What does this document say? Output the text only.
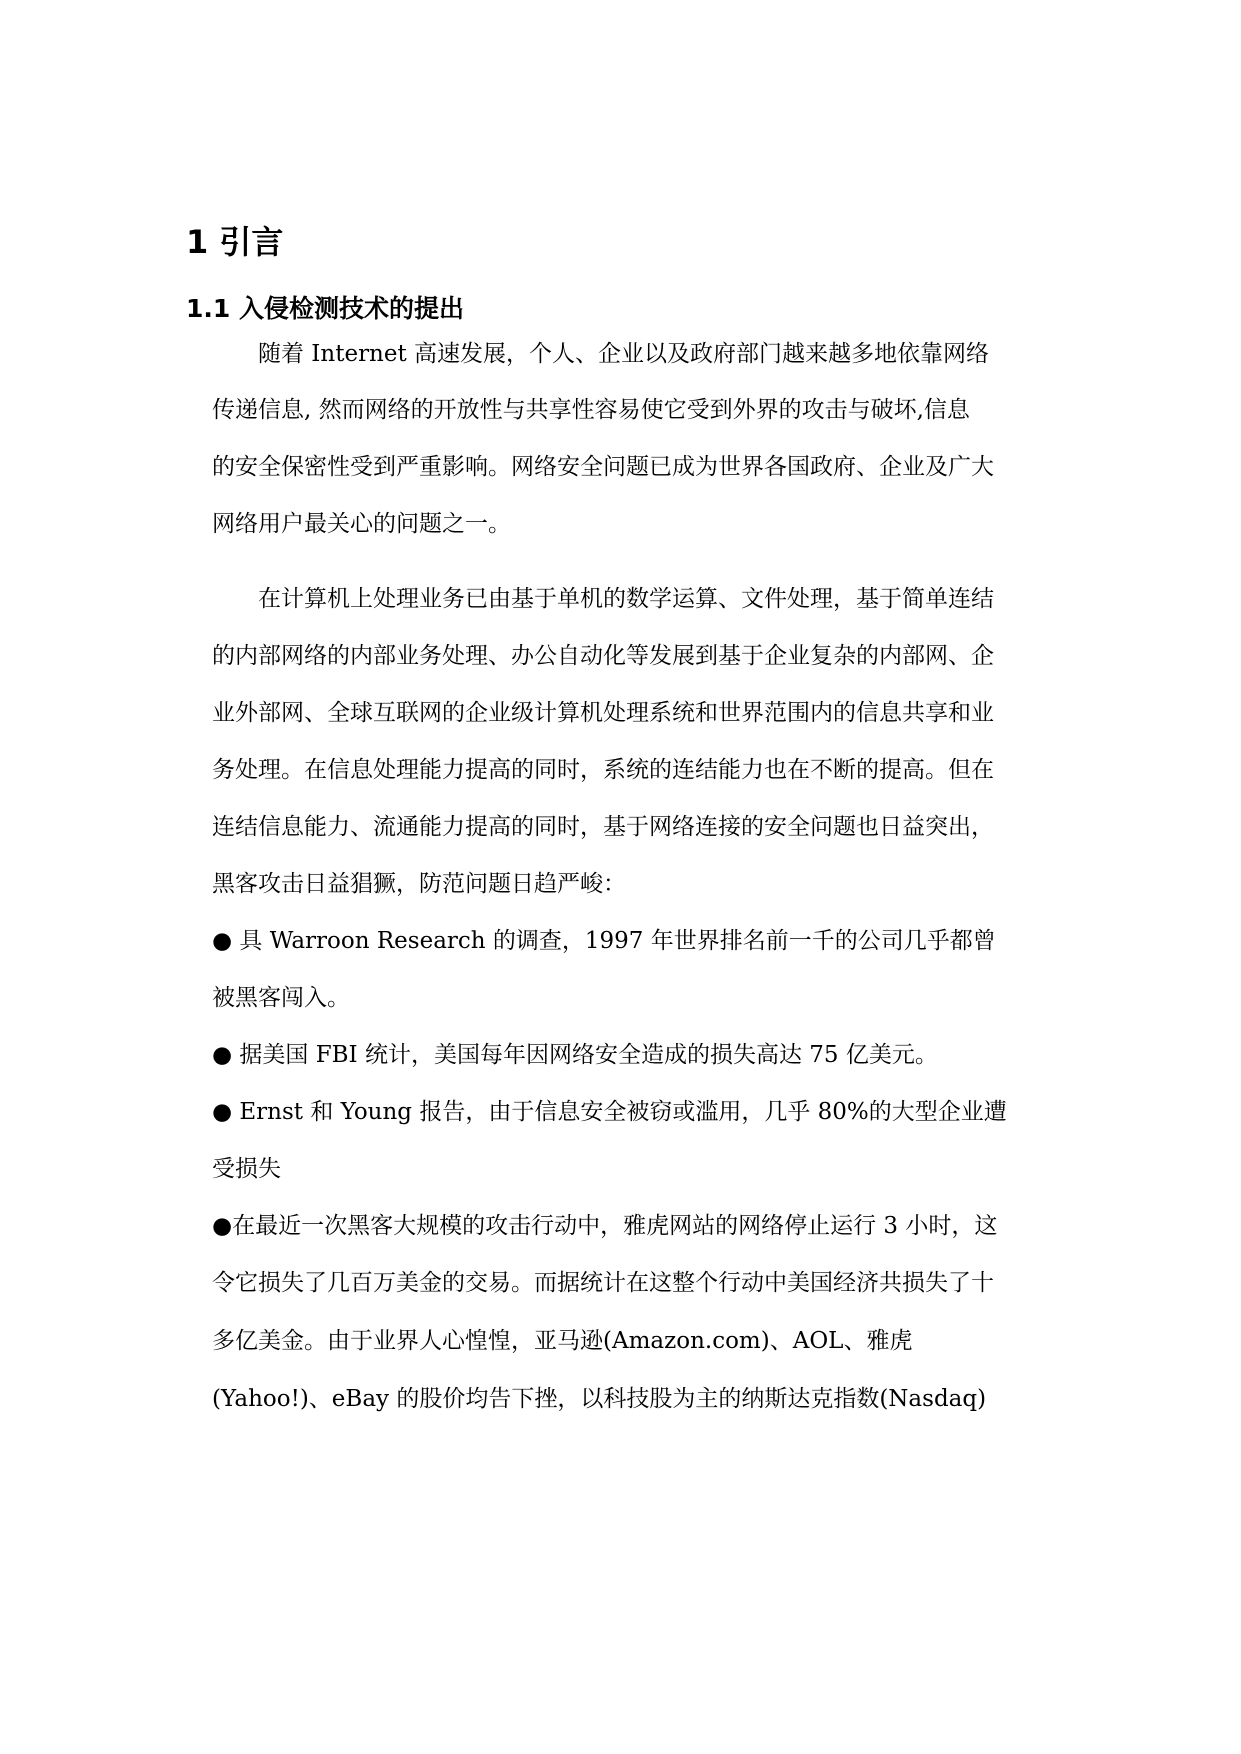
1 引言
1.1 入侵检测技术的提出
　　随着 Internet 高速发展，个人、企业以及政府部门越来越多地依靠网络
传递信息, 然而网络的开放性与共享性容易使它受到外界的攻击与破坏,信息
的安全保密性受到严重影响。网络安全问题已成为世界各国政府、企业及广大
网络用户最关心的问题之一。
　　在计算机上处理业务已由基于单机的数学运算、文件处理，基于简单连结
的内部网络的内部业务处理、办公自动化等发展到基于企业复杂的内部网、企
业外部网、全球互联网的企业级计算机处理系统和世界范围内的信息共享和业
务处理。在信息处理能力提高的同时，系统的连结能力也在不断的提高。但在
连结信息能力、流通能力提高的同时，基于网络连接的安全问题也日益突出，
黑客攻击日益猖獗，防范问题日趋严峻：
● 具 Warroon Research 的调查，1997 年世界排名前一千的公司几乎都曾
被黑客闯入。
● 据美国 FBI 统计，美国每年因网络安全造成的损失高达 75 亿美元。
● Ernst 和 Young 报告，由于信息安全被窃或滥用，几乎 80%的大型企业遭
受损失
●在最近一次黑客大规模的攻击行动中，雅虎网站的网络停止运行 3 小时，这
令它损失了几百万美金的交易。而据统计在这整个行动中美国经济共损失了十
多亿美金。由于业界人心惶惶，亚马逊(Amazon.com)、AOL、雅虎
(Yahoo!)、eBay 的股价均告下挫，以科技股为主的纳斯达克指数(Nasdaq)
